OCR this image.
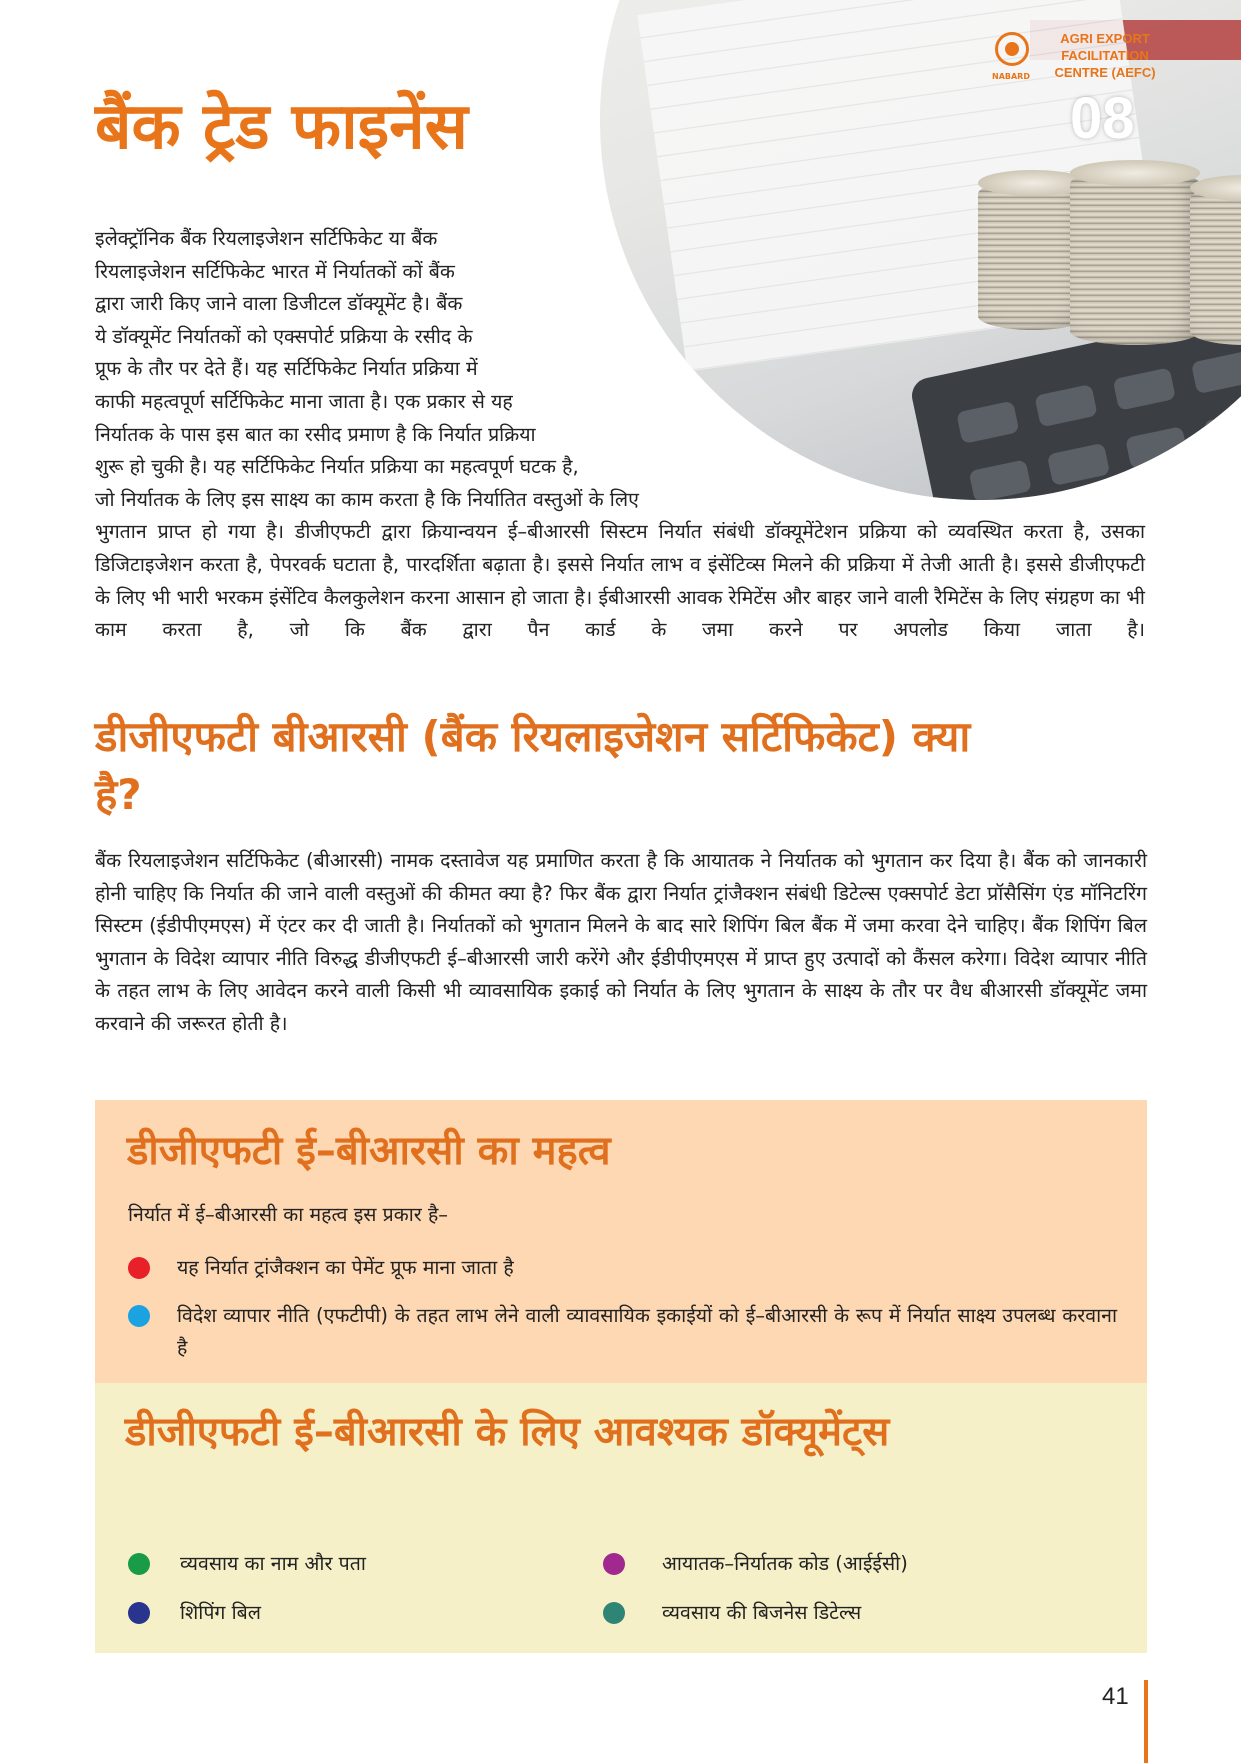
NABARD
AGRI EXPORT
FACILITATION
CENTRE (AEFC)
08
बैंक ट्रेड फाइनेंस
इलेक्ट्रॉनिक बैंक रियलाइजेशन सर्टिफिकेट या बैंक
रियलाइजेशन सर्टिफिकेट भारत में निर्यातकों कों बैंक
द्वारा जारी किए जाने वाला डिजीटल डॉक्यूमेंट है। बैंक
ये डॉक्यूमेंट निर्यातकों को एक्सपोर्ट प्रक्रिया के रसीद के
प्रूफ के तौर पर देते हैं। यह सर्टिफिकेट निर्यात प्रक्रिया में
काफी महत्वपूर्ण सर्टिफिकेट माना जाता है। एक प्रकार से यह
निर्यातक के पास इस बात का रसीद प्रमाण है कि निर्यात प्रक्रिया
शुरू हो चुकी है। यह सर्टिफिकेट निर्यात प्रक्रिया का महत्वपूर्ण घटक है,
जो निर्यातक के लिए इस साक्ष्य का काम करता है कि निर्यातित वस्तुओं के लिए
भुगतान प्राप्त हो गया है। डीजीएफटी द्वारा क्रियान्वयन ई–बीआरसी सिस्टम निर्यात संबंधी डॉक्यूमेंटेशन प्रक्रिया को व्यवस्थित करता है, उसका डिजिटाइजेशन करता है, पेपरवर्क घटाता है, पारदर्शिता बढ़ाता है। इससे निर्यात लाभ व इंसेंटिव्स मिलने की प्रक्रिया में तेजी आती है। इससे डीजीएफटी के लिए भी भारी भरकम इंसेंटिव कैलकुलेशन करना आसान हो जाता है। ईबीआरसी आवक रेमिटेंस और बाहर जाने वाली रैमिटेंस के लिए संग्रहण का भी काम करता है, जो कि बैंक द्वारा पैन कार्ड के जमा करने पर अपलोड किया जाता है।
डीजीएफटी बीआरसी (बैंक रियलाइजेशन सर्टिफिकेट) क्या है?

बैंक रियलाइजेशन सर्टिफिकेट (बीआरसी) नामक दस्तावेज यह प्रमाणित करता है कि आयातक ने निर्यातक को भुगतान कर दिया है। बैंक को जानकारी होनी चाहिए कि निर्यात की जाने वाली वस्तुओं की कीमत क्या है? फिर बैंक द्वारा निर्यात ट्रांजैक्शन संबंधी डिटेल्स एक्सपोर्ट डेटा प्रॉसैसिंग एंड मॉनिटरिंग सिस्टम (ईडीपीएमएस) में एंटर कर दी जाती है। निर्यातकों को भुगतान मिलने के बाद सारे शिपिंग बिल बैंक में जमा करवा देने चाहिए। बैंक शिपिंग बिल भुगतान के विदेश व्यापार नीति विरुद्ध डीजीएफटी ई–बीआरसी जारी करेंगे और ईडीपीएमएस में प्राप्त हुए उत्पादों को कैंसल करेगा। विदेश व्यापार नीति के तहत लाभ के लिए आवेदन करने वाली किसी भी व्यावसायिक इकाई को निर्यात के लिए भुगतान के साक्ष्य के तौर पर वैध बीआरसी डॉक्यूमेंट जमा करवाने की जरूरत होती है।

डीजीएफटी ई–बीआरसी का महत्व
निर्यात में ई–बीआरसी का महत्व इस प्रकार है–
यह निर्यात ट्रांजैक्शन का पेमेंट प्रूफ माना जाता है
विदेश व्यापार नीति (एफटीपी) के तहत लाभ लेने वाली व्यावसायिक इकाईयों को ई–बीआरसी के रूप में निर्यात साक्ष्य उपलब्ध करवाना है
डीजीएफटी ई–बीआरसी के लिए आवश्यक डॉक्यूमेंट्स
व्यवसाय का नाम और पता	आयातक–निर्यातक कोड (आईईसी)
शिपिंग बिल	व्यवसाय की बिजनेस डिटेल्स
41
